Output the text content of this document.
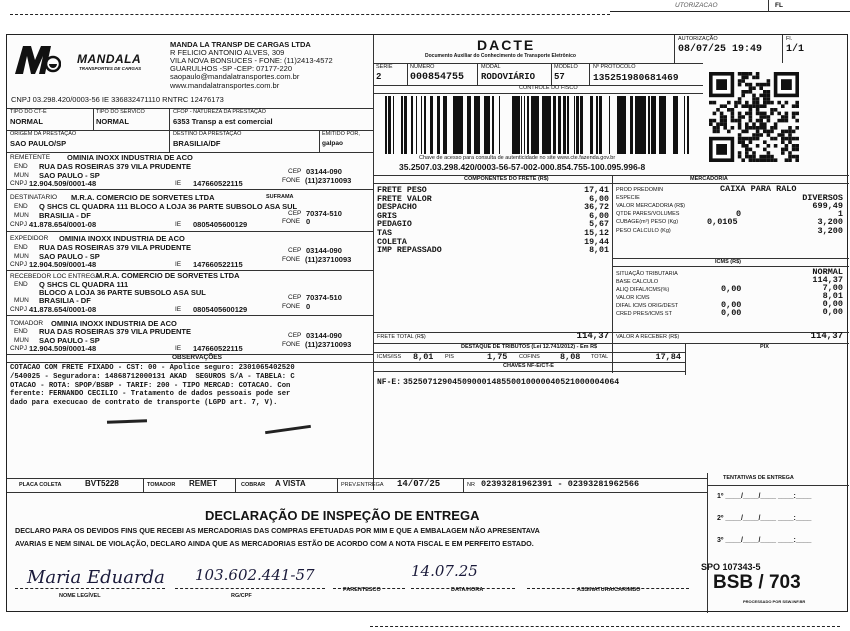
UTORIZACAO	FL
MANDALA
TRANSPORTES DE CARGAS
MANDA LA TRANSP DE CARGAS LTDA
R FELICIO ANTONIO ALVES, 309
VILA NOVA BONSUCES - FONE: (11)2413-4572
GUARULHOS -SP -CEP: 07177-220
saopaulo@mandalatransportes.com.br
www.mandalatransportes.com.br
CNPJ 03.298.420/0003-56 IE 336832471110 RNTRC 12476173
DACTE
Documento Auxiliar do Conhecimento de Transporte Eletrônico
AUTORIZAÇÃO
08/07/25 19:49
Fl.
1/1
SÉRIE
2
NÚMERO
000854755
MODAL
RODOVIÁRIO
MODELO
57
Nº PROTOCOLO
135251980681469
CONTROLE DO FISCO
Chave de acesso para consulta de autenticidade no site www.cte.fazenda.gov.br
35.2507.03.298.420/0003-56-57-002-000.854.755-100.095.996-8
TIPO DO CT-E
NORMAL
TIPO DO SERVICO
NORMAL
CFOP - NATUREZA DA PRESTAÇÃO
6353 Transp a est comercial
ORIGEM DA PRESTAÇÃO
SAO PAULO/SP
DESTINO DA PRESTAÇÃO
BRASILIA/DF
EMITIDO POR,
galpao
REMETENTE OMINIA INOXX INDUSTRIA DE ACO
END RUA DAS ROSEIRAS 379 VILA PRUDENTE
MUN SAO PAULO - SP
CNPJ 12.904.509/0001-48	IE 147660522115
CEP 03144-090
FONE (11)23710093
DESTINATARIO M.R.A. COMERCIO DE SORVETES LTDA	SUFRAMA
END Q SHCS CL QUADRA 111 BLOCO A LOJA 36 PARTE SUBSOLO ASA SUL
MUN BRASILIA - DF
CNPJ 41.878.654/0001-08	IE 0805405600129
CEP 70374-510
FONE 0
EXPEDIDOR OMINIA INOXX INDUSTRIA DE ACO
END RUA DAS ROSEIRAS 379 VILA PRUDENTE
MUN SAO PAULO - SP
CNPJ 12.904.509/0001-48	IE 147660522115
CEP 03144-090
FONE (11)23710093
RECEBEDOR LOC ENTREGA
M.R.A. COMERCIO DE SORVETES LTDA
END Q SHCS CL QUADRA 111
BLOCO A LOJA 36 PARTE SUBSOLO ASA SUL
MUN BRASILIA - DF
CNPJ 41.878.654/0001-08	IE 0805405600129
CEP 70374-510
FONE 0
TOMADOR OMINIA INOXX INDUSTRIA DE ACO
END RUA DAS ROSEIRAS 379 VILA PRUDENTE
MUN SAO PAULO - SP
CNPJ 12.904.509/0001-48	IE 147660522115
CEP 03144-090
FONE (11)23710093
OBSERVAÇÕES
COTACAO COM FRETE FIXADO - CST: 00 - Apolice seguro: 2301065402520
/540025 - Seguradora: 14868712000131 AKAD  SEGUROS S/A - TABELA: C
OTACAO - ROTA: SPOP/BSBP - TARIF: 200 - TIPO MERCAD: COTACAO. Con
ferente: FERNANDO CECILIO - Tratamento de dados pessoais pode ser
dado para execucao de contrato de transporte (LGPD art. 7, V).
COMPONENTES DO FRETE (R$)	MERCADORIA
FRETE PESO	17,41
FRETE VALOR	6,00
DESPACHO	36,72
GRIS	6,00
PEDAGIO	5,67
TAS	15,12
COLETA	19,44
IMP REPASSADO	8,01
FRETE TOTAL (R$)	114,37
PROD PREDOMIN	CAIXA PARA RALO
ESPECIE	DIVERSOS
VALOR MERCADORIA (R$)	699,49
QTDE PARES/VOLUMES	0	1
CUBAGE(m³) PESO (Kg)	0,0105	3,200
PESO CALCULO (Kg)	3,200
ICMS (R$)
SITUAÇÃO TRIBUTARIA	NORMAL
BASE CALCULO	114,37
ALIQ DIFAL/ICMS(%)	0,00	7,00
VALOR ICMS	8,01
DIFAL ICMS ORIG/DEST	0,00	0,00
CRED PRES/ICMS ST	0,00	0,00
VALOR A RECEBER (R$)	114,37
DESTAQUE DE TRIBUTOS (Lei 12.741/2012) - Em R$	PIX
ICMS/ISS 8,01 PIS	1,75 COFINS 8,08 TOTAL	17,84
CHAVES NF-E/CT-E
NF-E: 35250712904509000148550010000040521000004064
PLACA COLETA	BVT5228	TOMADOR REMET	COBRAR A VISTA	PREV.ENTREGA 14/07/25	NR 02393281962391 - 02393281962566
TENTATIVAS DE ENTREGA
1º ____/____/____ ____:____
2º ____/____/____ ____:____
3º ____/____/____ ____:____
DECLARAÇÃO DE INSPEÇÃO DE ENTREGA
DECLARO PARA OS DEVIDOS FINS QUE RECEBI AS MERCADORIAS DAS COMPRAS EFETUADAS POR MIM E QUE A EMBALAGEM NÃO APRESENTAVA
AVARIAS E NEM SINAL DE VIOLAÇÃO, DECLARO AINDA QUE AS MERCADORIAS ESTÃO DE ACORDO COM A NOTA FISCAL E EM PERFEITO ESTADO.
Maria Eduarda 103.602.441-57	14.07.25
NOME LEGÍVEL	RG/CPF
PARENTESCO	DATA/HORA	ASSINATURA/CARIMBO
SPO 107343-5
BSB / 703
PROCESSADO POR SSW.INF.BR
